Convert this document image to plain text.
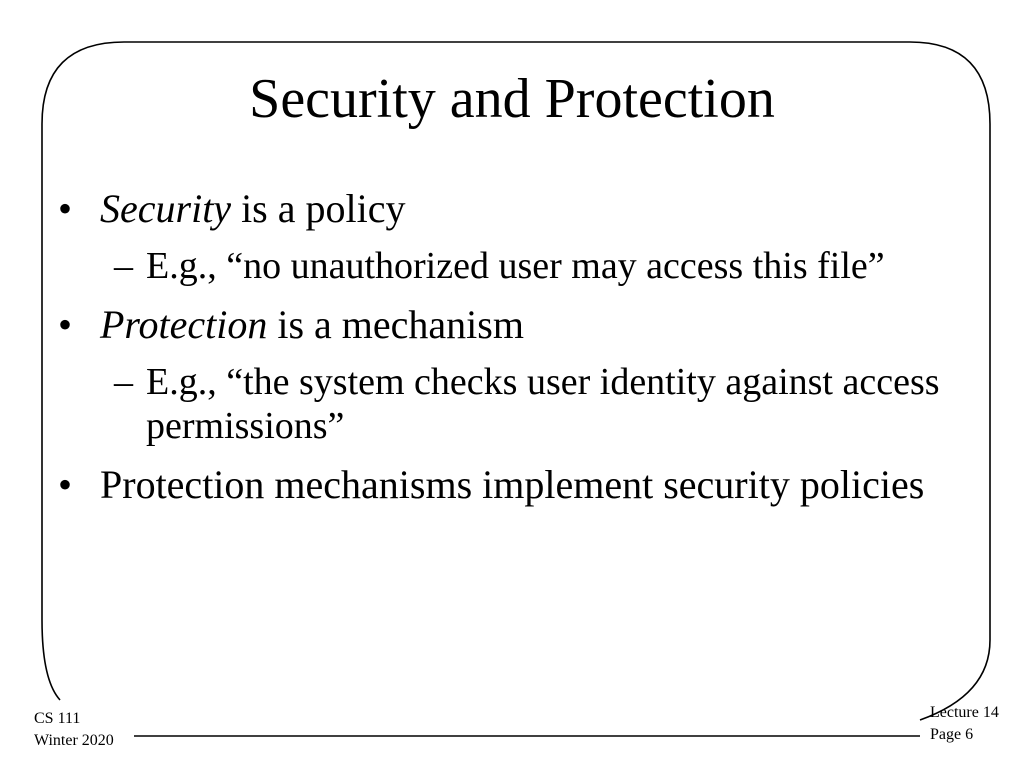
Security and Protection
• Security is a policy
– E.g., “no unauthorized user may access this file”
• Protection is a mechanism
– E.g., “the system checks user identity against access permissions”
• Protection mechanisms implement security policies
CS 111
Winter 2020
Lecture 14
Page 6
